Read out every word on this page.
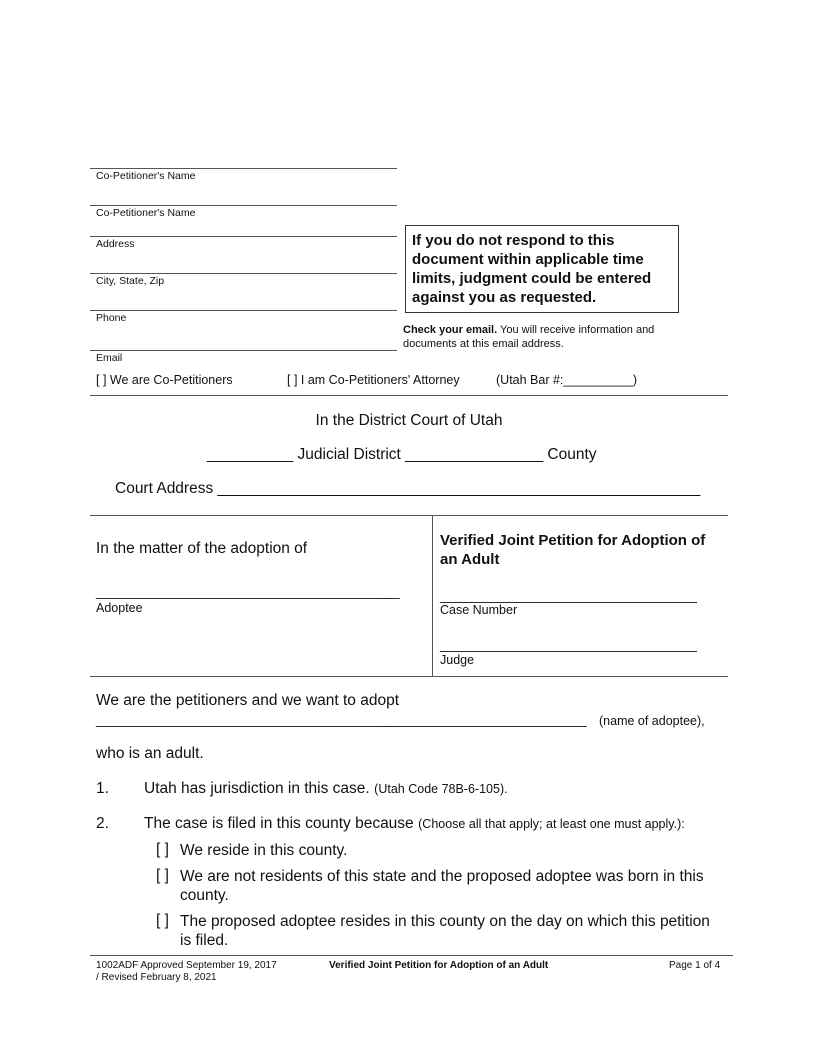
Co-Petitioner's Name
Co-Petitioner's Name
Address
City, State, Zip
Phone
Email
If you do not respond to this document within applicable time limits, judgment could be entered against you as requested.
Check your email. You will receive information and documents at this email address.
[ ] We are Co-Petitioners	[ ] I am Co-Petitioners' Attorney	(Utah Bar #:__________)
In the District Court of Utah
__________ Judicial District ________________ County
Court Address ________________________________________________________
In the matter of the adoption of
_______________________________________
Adoptee
Verified Joint Petition for Adoption of an Adult
_________________________________
Case Number
_________________________________
Judge
We are the petitioners and we want to adopt
_______________________________________________________________ (name of adoptee),
who is an adult.
1. Utah has jurisdiction in this case. (Utah Code 78B-6-105).
2. The case is filed in this county because (Choose all that apply; at least one must apply.):
[ ] We reside in this county.
[ ] We are not residents of this state and the proposed adoptee was born in this county.
[ ] The proposed adoptee resides in this county on the day on which this petition is filed.
1002ADF Approved September 19, 2017 / Revised February 8, 2021
Verified Joint Petition for Adoption of an Adult	Page 1 of 4
